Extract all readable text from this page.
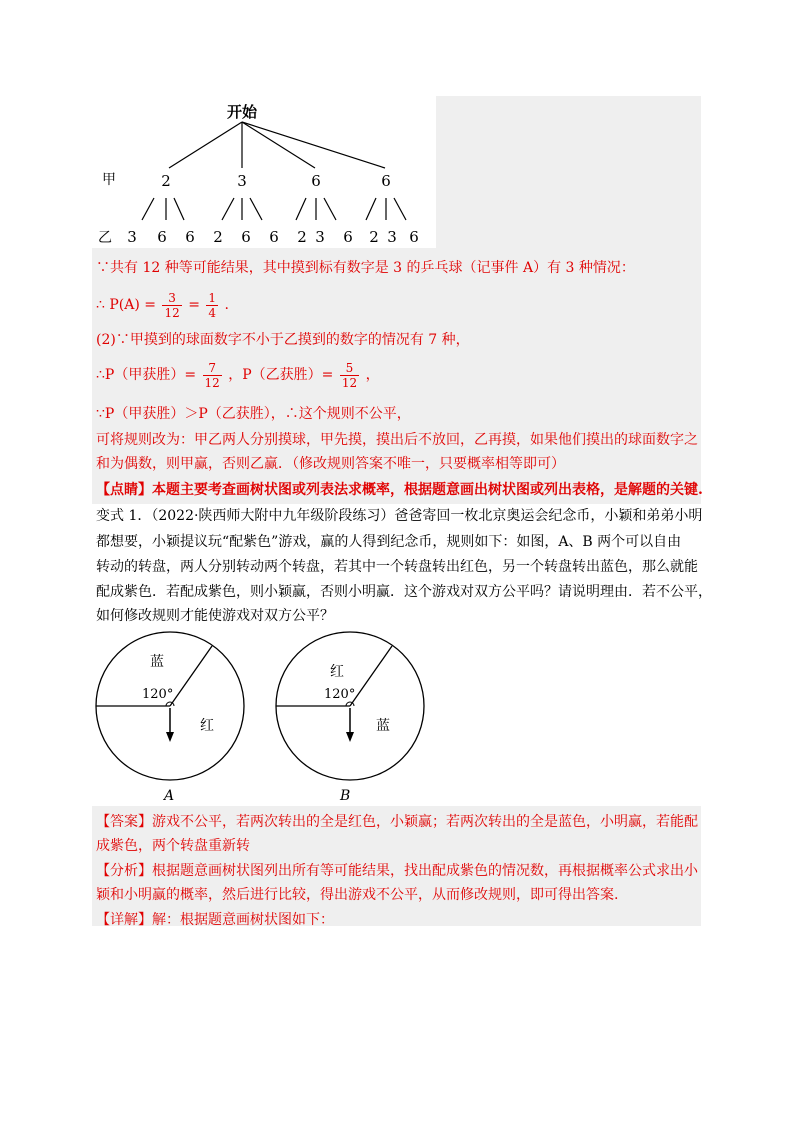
开始
甲	2	3	6	6
乙 3 6 6 2 6 6 2 3 6 2 3 6
∵共有 12 种等可能结果，其中摸到标有数字是 3 的乒乓球（记事件 A）有 3 种情况：
∴ $P(A) = \frac{3}{12} = \frac{1}{4}$ .
(2)∵甲摸到的球面数字不小于乙摸到的数字的情况有 7 种，
∴P（甲获胜）= $\frac{7}{12}$ ，P（乙获胜）= $\frac{5}{12}$ ，
∵P（甲获胜）＞P（乙获胜），∴这个规则不公平，
可将规则改为：甲乙两人分别摸球，甲先摸，摸出后不放回，乙再摸，如果他们摸出的球面数字之
和为偶数，则甲赢，否则乙赢．（修改规则答案不唯一，只要概率相等即可）
【点睛】本题主要考查画树状图或列表法求概率，根据题意画出树状图或列出表格，是解题的关键.
变式 1．（2022·陕西师大附中九年级阶段练习）爸爸寄回一枚北京奥运会纪念币，小颖和弟弟小明
都想要，小颖提议玩“配紫色”游戏，赢的人得到纪念币，规则如下：如图，A、B 两个可以自由
转动的转盘，两人分别转动两个转盘，若其中一个转盘转出红色，另一个转盘转出蓝色，那么就能
配成紫色．若配成紫色，则小颖赢，否则小明赢．这个游戏对双方公平吗？请说明理由．若不公平，
如何修改规则才能使游戏对双方公平？
蓝
120°
红
A
红
120°
蓝
B
【答案】游戏不公平，若两次转出的全是红色，小颖赢；若两次转出的全是蓝色，小明赢，若能配
成紫色，两个转盘重新转
【分析】根据题意画树状图列出所有等可能结果，找出配成紫色的情况数，再根据概率公式求出小
颖和小明赢的概率，然后进行比较，得出游戏不公平，从而修改规则，即可得出答案.
【详解】解：根据题意画树状图如下：
